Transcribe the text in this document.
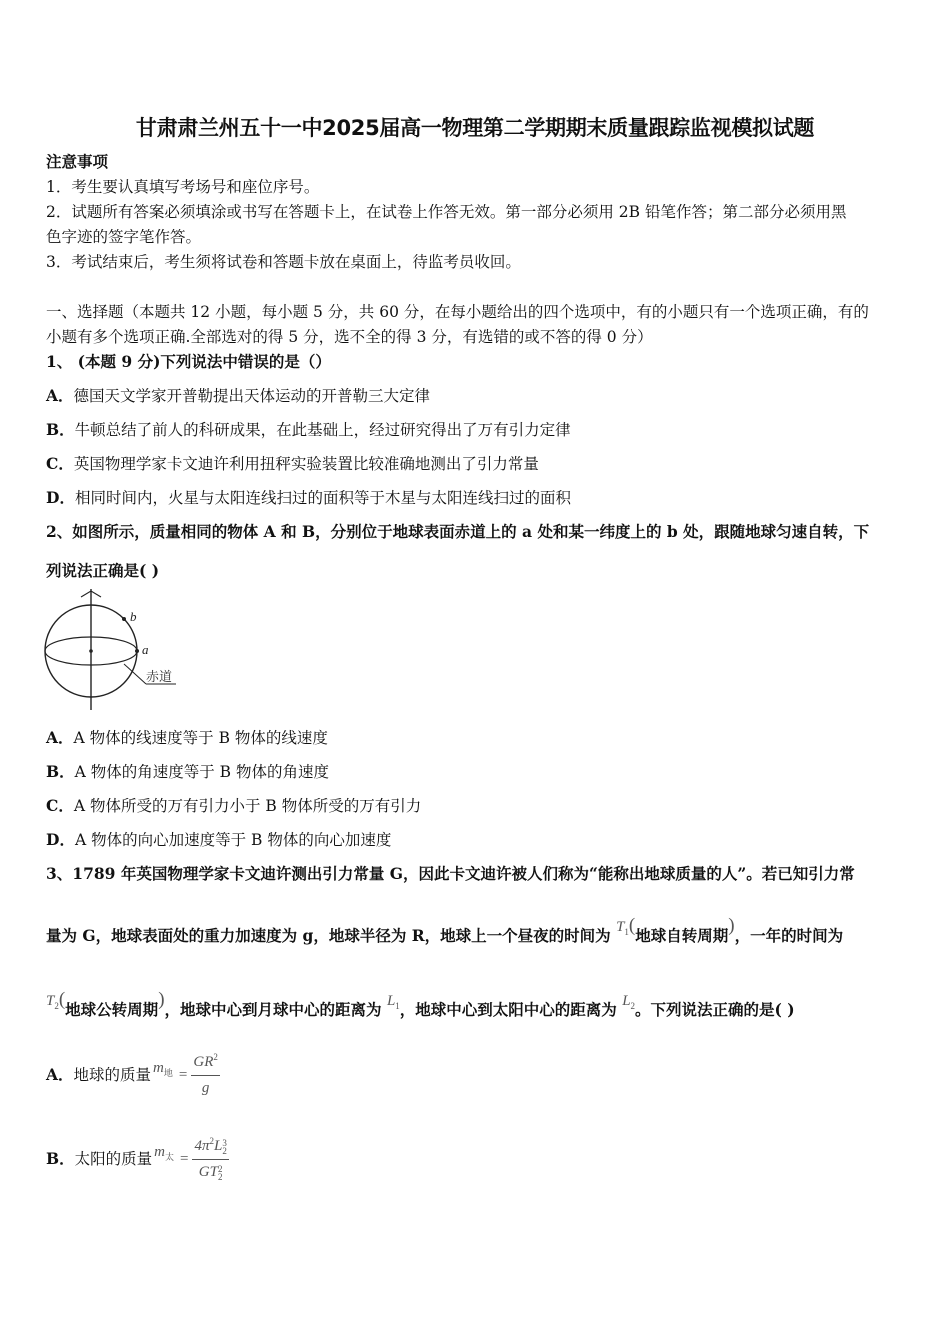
甘肃肃兰州五十一中2025届高一物理第二学期期末质量跟踪监视模拟试题
注意事项
1．考生要认真填写考场号和座位序号。
2．试题所有答案必须填涂或书写在答题卡上，在试卷上作答无效。第一部分必须用 2B 铅笔作答；第二部分必须用黑
色字迹的签字笔作答。
3．考试结束后，考生须将试卷和答题卡放在桌面上，待监考员收回。
一、选择题（本题共 12 小题，每小题 5 分，共 60 分，在每小题给出的四个选项中，有的小题只有一个选项正确，有的
小题有多个选项正确.全部选对的得 5 分，选不全的得 3 分，有选错的或不答的得 0 分）
1、 (本题 9 分)下列说法中错误的是（）
A．德国天文学家开普勒提出天体运动的开普勒三大定律
B．牛顿总结了前人的科研成果，在此基础上，经过研究得出了万有引力定律
C．英国物理学家卡文迪许利用扭秤实验装置比较准确地测出了引力常量
D．相同时间内，火星与太阳连线扫过的面积等于木星与太阳连线扫过的面积
2、如图所示，质量相同的物体 A 和 B，分别位于地球表面赤道上的 a 处和某一纬度上的 b 处，跟随地球匀速自转，下
列说法正确是( )
b
a
赤道
A．A 物体的线速度等于 B 物体的线速度
B．A 物体的角速度等于 B 物体的角速度
C．A 物体所受的万有引力小于 B 物体所受的万有引力
D．A 物体的向心加速度等于 B 物体的向心加速度
3、1789 年英国物理学家卡文迪许测出引力常量 G，因此卡文迪许被人们称为“能称出地球质量的人”。若已知引力常
量为 G，地球表面处的重力加速度为 g，地球半径为 R，地球上一个昼夜的时间为 $T_1$(地球自转周期)，一年的时间为
$T_2$(地球公转周期)，地球中心到月球中心的距离为 $L_1$，地球中心到太阳中心的距离为 $L_2$。下列说法正确的是( )
A． 地球的质量 $m_地 = \frac{GR^2}{g}$
B． 太阳的质量 $m_太 = 4\pi^2L$ 3
2
GT 2
2
